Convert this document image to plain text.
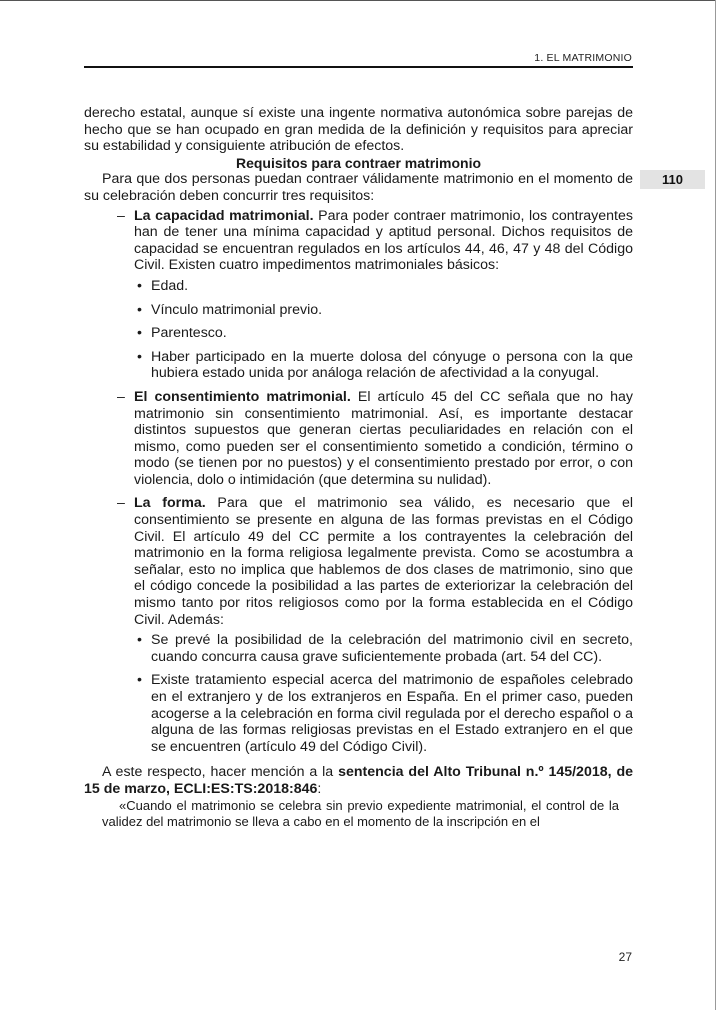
1. EL MATRIMONIO
110

derecho estatal, aunque sí existe una ingente normativa autonómica sobre parejas de hecho que se han ocupado en gran medida de la definición y requisitos para apreciar su estabilidad y consiguiente atribución de efectos.

Requisitos para contraer matrimonio

Para que dos personas puedan contraer válidamente matrimonio en el momento de su celebración deben concurrir tres requisitos:

– La capacidad matrimonial. Para poder contraer matrimonio, los contrayentes han de tener una mínima capacidad y aptitud personal. Dichos requisitos de capacidad se encuentran regulados en los artículos 44, 46, 47 y 48 del Código Civil. Existen cuatro impedimentos matrimoniales básicos:
• Edad.
• Vínculo matrimonial previo.
• Parentesco.
• Haber participado en la muerte dolosa del cónyuge o persona con la que hubiera estado unida por análoga relación de afectividad a la conyugal.
– El consentimiento matrimonial. El artículo 45 del CC señala que no hay matrimonio sin consentimiento matrimonial. Así, es importante destacar distintos supuestos que generan ciertas peculiaridades en relación con el mismo, como pueden ser el consentimiento sometido a condición, término o modo (se tienen por no puestos) y el consentimiento prestado por error, o con violencia, dolo o intimidación (que determina su nulidad).
– La forma. Para que el matrimonio sea válido, es necesario que el consentimiento se presente en alguna de las formas previstas en el Código Civil. El artículo 49 del CC permite a los contrayentes la celebración del matrimonio en la forma religiosa legalmente prevista. Como se acostumbra a señalar, esto no implica que hablemos de dos clases de matrimonio, sino que el código concede la posibilidad a las partes de exteriorizar la celebración del mismo tanto por ritos religiosos como por la forma establecida en el Código Civil. Además:
• Se prevé la posibilidad de la celebración del matrimonio civil en secreto, cuando concurra causa grave suficientemente probada (art. 54 del CC).
• Existe tratamiento especial acerca del matrimonio de españoles celebrado en el extranjero y de los extranjeros en España. En el primer caso, pueden acogerse a la celebración en forma civil regulada por el derecho español o a alguna de las formas religiosas previstas en el Estado extranjero en el que se encuentren (artículo 49 del Código Civil).

A este respecto, hacer mención a la sentencia del Alto Tribunal n.º 145/2018, de 15 de marzo, ECLI:ES:TS:2018:846:

«Cuando el matrimonio se celebra sin previo expediente matrimonial, el control de la validez del matrimonio se lleva a cabo en el momento de la inscripción en el

27
